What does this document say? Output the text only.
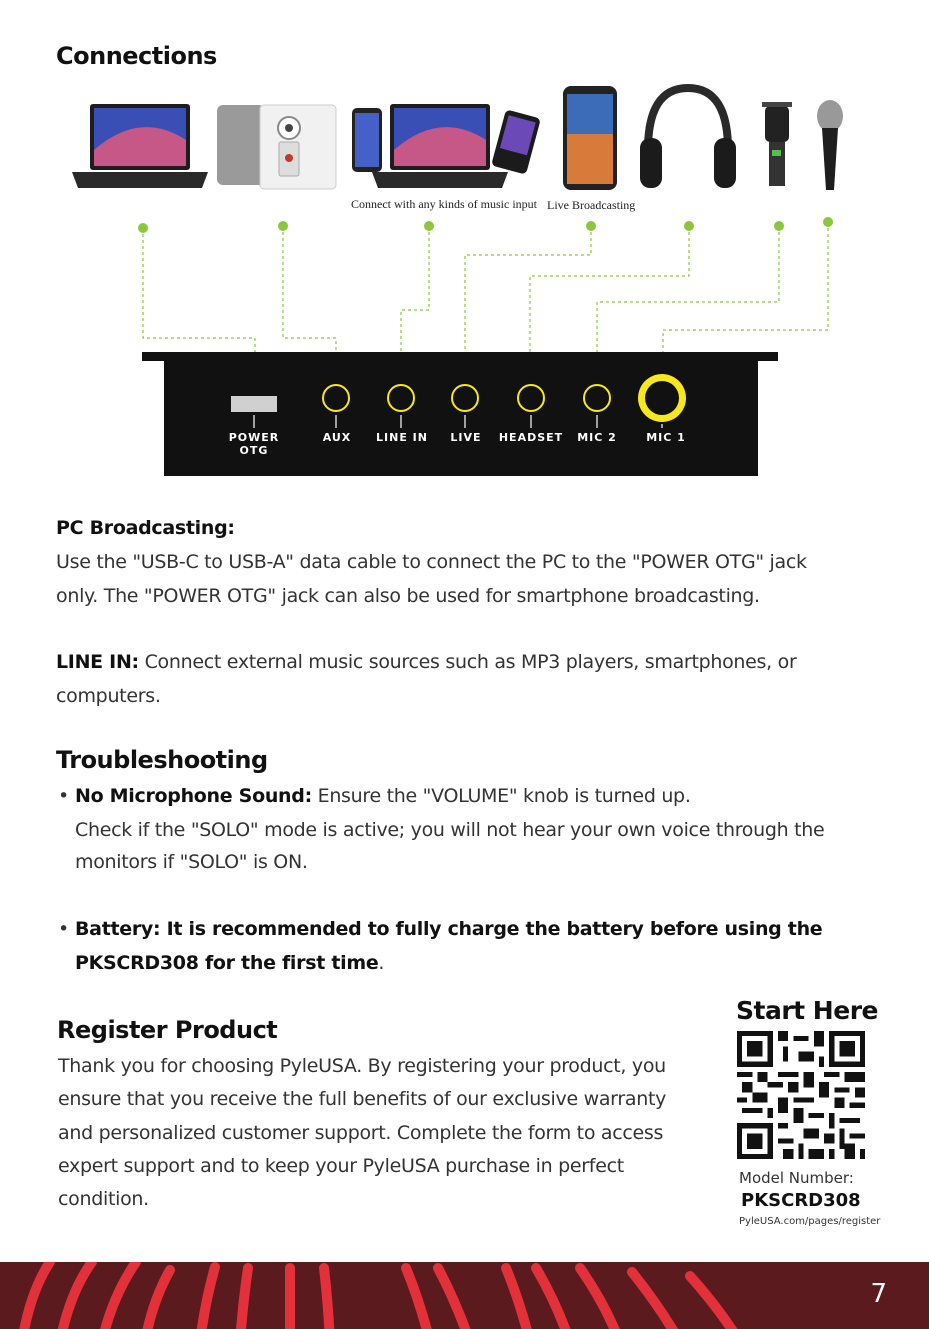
Connections
Connect with any kinds of music input Live Broadcasting
POWER
OTG
AUX	LINE IN	LIVE	HEADSET MIC 2	MIC 1
PC Broadcasting:
Use the "USB-C to USB-A" data cable to connect the PC to the "POWER OTG" jack
only. The "POWER OTG" jack can also be used for smartphone broadcasting.
LINE IN: Connect external music sources such as MP3 players, smartphones, or
computers.
Troubleshooting
• No Microphone Sound: Ensure the "VOLUME" knob is turned up.
Check if the "SOLO" mode is active; you will not hear your own voice through the
monitors if "SOLO" is ON.
• Battery: It is recommended to fully charge the battery before using the
PKSCRD308 for the first time.
Register Product
Thank you for choosing PyleUSA. By registering your product, you
ensure that you receive the full benefits of our exclusive warranty
and personalized customer support. Complete the form to access
expert support and to keep your PyleUSA purchase in perfect
condition.
Start Here
Model Number:
PKSCRD308
PyleUSA.com/pages/register
7
